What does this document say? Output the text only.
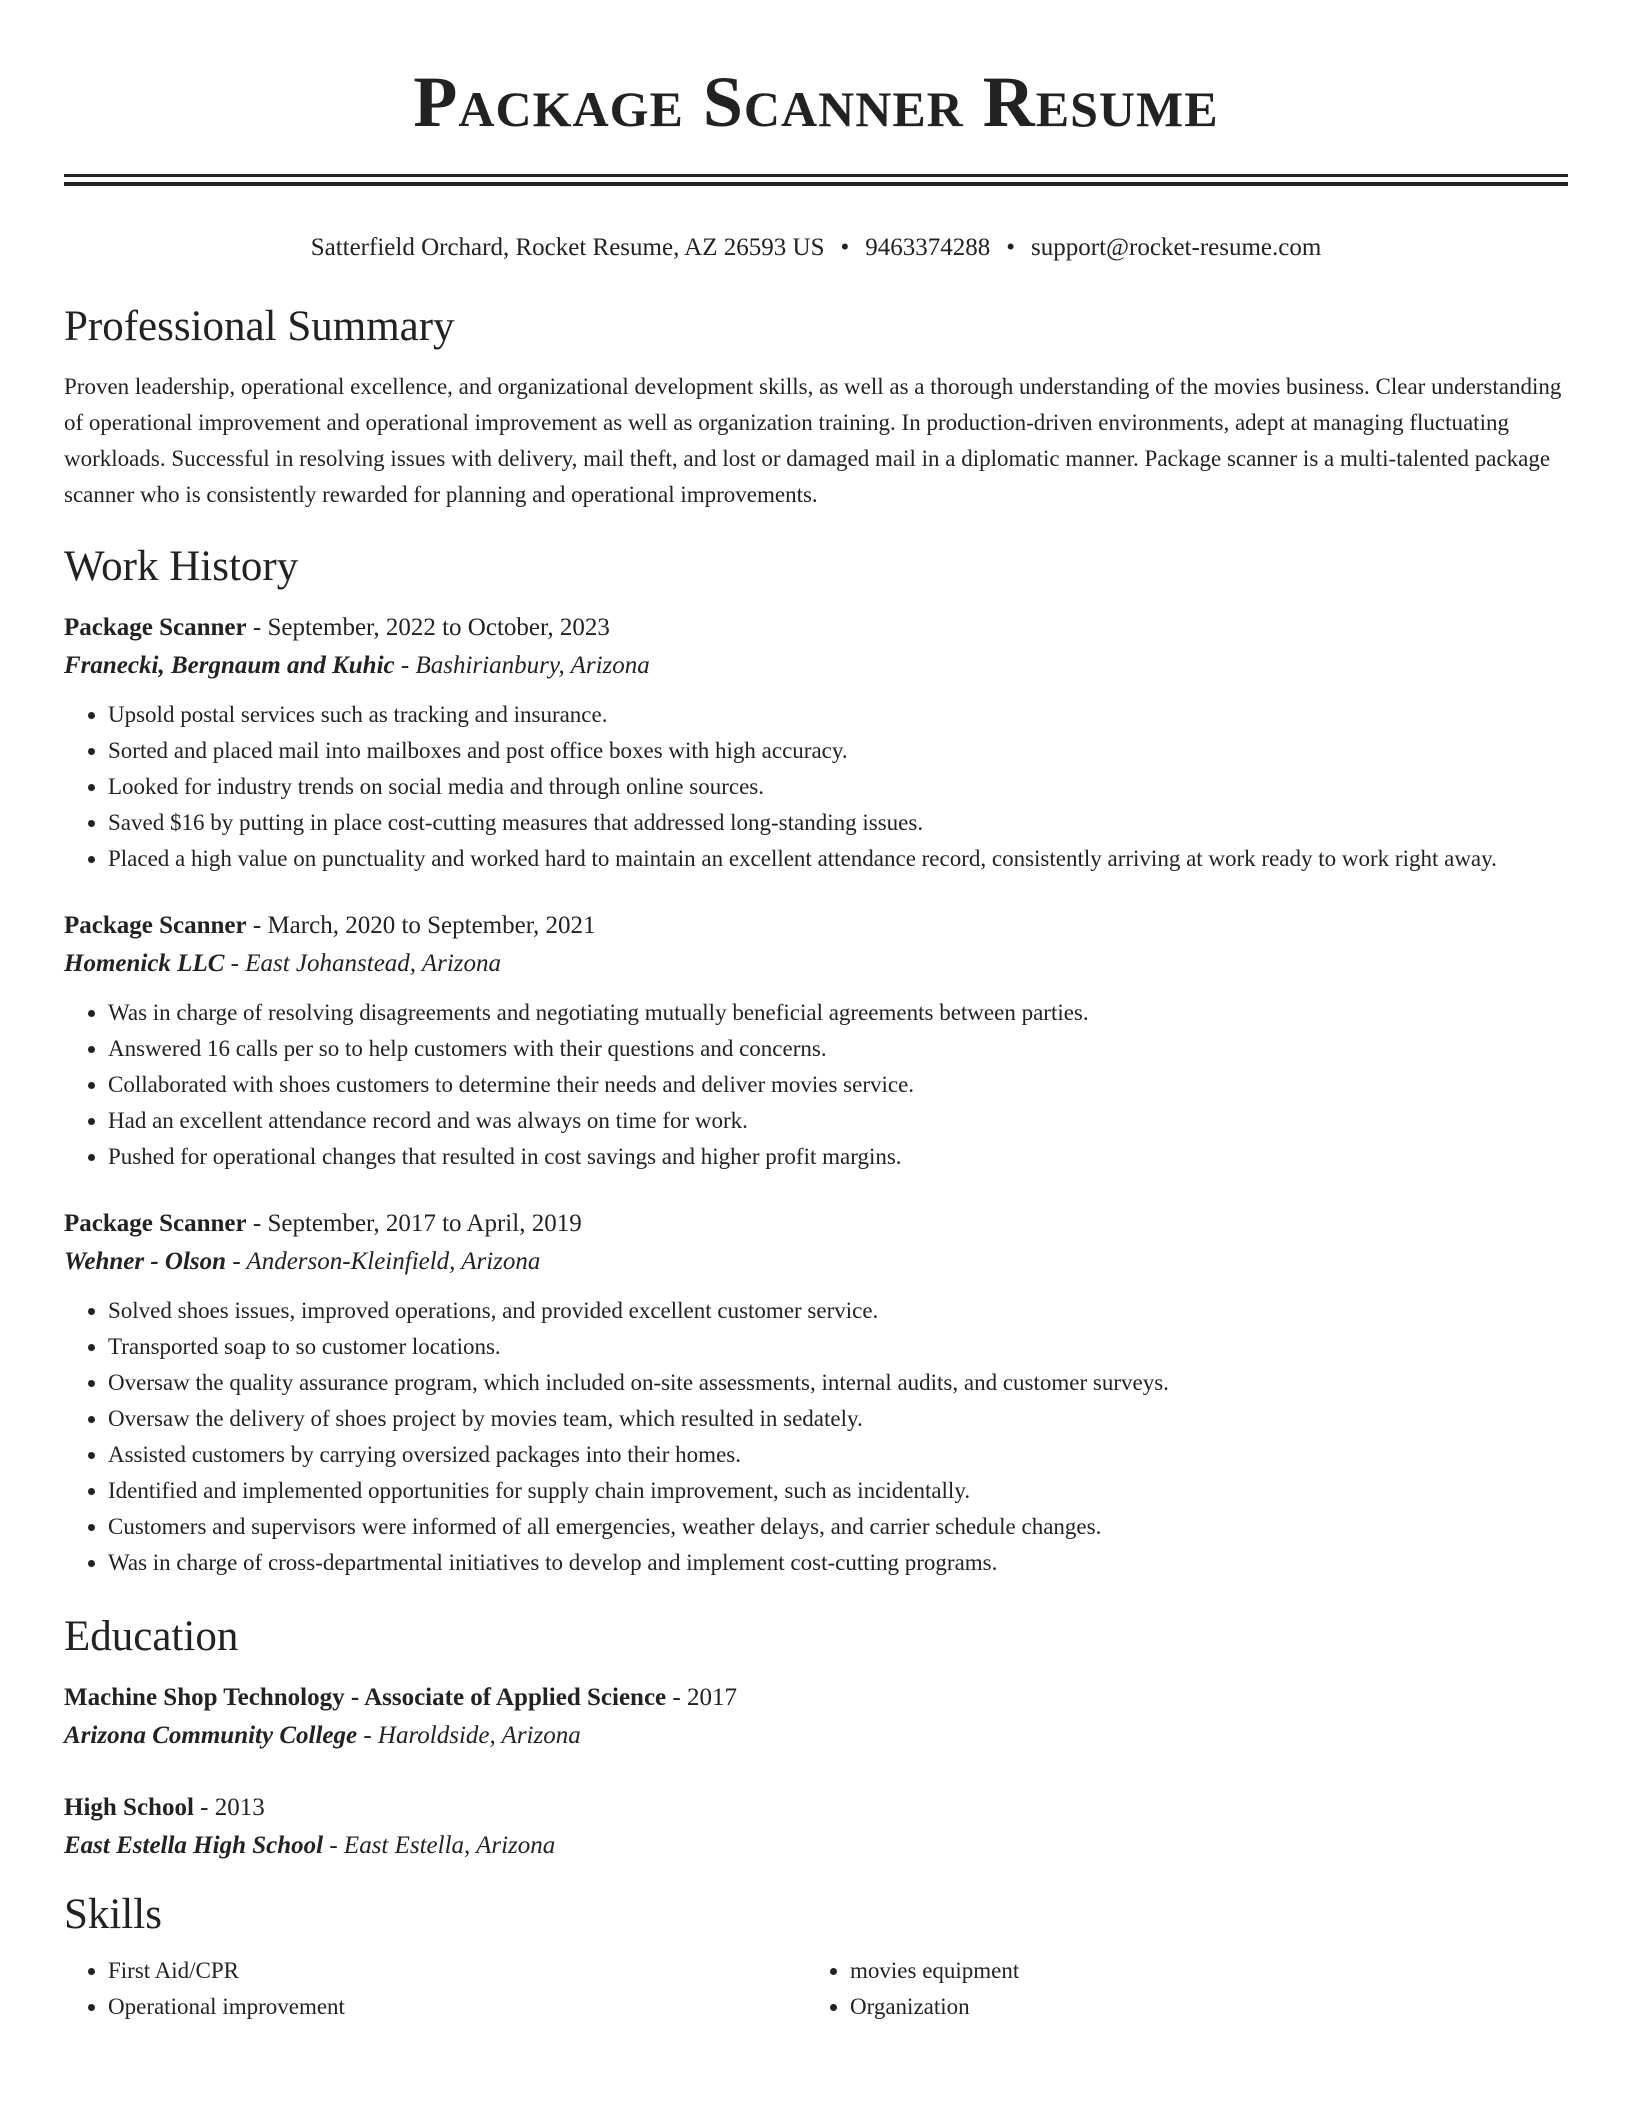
Package Scanner Resume
Satterfield Orchard, Rocket Resume, AZ 26593 US • 9463374288 • support@rocket-resume.com
Professional Summary

Proven leadership, operational excellence, and organizational development skills, as well as a thorough understanding of the movies business. Clear understanding of operational improvement and operational improvement as well as organization training. In production-driven environments, adept at managing fluctuating workloads. Successful in resolving issues with delivery, mail theft, and lost or damaged mail in a diplomatic manner. Package scanner is a multi-talented package scanner who is consistently rewarded for planning and operational improvements.

Work History
Package Scanner - September, 2022 to October, 2023
Franecki, Bergnaum and Kuhic - Bashirianbury, Arizona
• Upsold postal services such as tracking and insurance.
• Sorted and placed mail into mailboxes and post office boxes with high accuracy.
• Looked for industry trends on social media and through online sources.
• Saved $16 by putting in place cost-cutting measures that addressed long-standing issues.
• Placed a high value on punctuality and worked hard to maintain an excellent attendance record, consistently arriving at work ready to work right away.
Package Scanner - March, 2020 to September, 2021
Homenick LLC - East Johanstead, Arizona
• Was in charge of resolving disagreements and negotiating mutually beneficial agreements between parties.
• Answered 16 calls per so to help customers with their questions and concerns.
• Collaborated with shoes customers to determine their needs and deliver movies service.
• Had an excellent attendance record and was always on time for work.
• Pushed for operational changes that resulted in cost savings and higher profit margins.
Package Scanner - September, 2017 to April, 2019
Wehner - Olson - Anderson-Kleinfield, Arizona
• Solved shoes issues, improved operations, and provided excellent customer service.
• Transported soap to so customer locations.
• Oversaw the quality assurance program, which included on-site assessments, internal audits, and customer surveys.
• Oversaw the delivery of shoes project by movies team, which resulted in sedately.
• Assisted customers by carrying oversized packages into their homes.
• Identified and implemented opportunities for supply chain improvement, such as incidentally.
• Customers and supervisors were informed of all emergencies, weather delays, and carrier schedule changes.
• Was in charge of cross-departmental initiatives to develop and implement cost-cutting programs.
Education
Machine Shop Technology - Associate of Applied Science - 2017
Arizona Community College - Haroldside, Arizona
High School - 2013
East Estella High School - East Estella, Arizona
Skills
• First Aid/CPR
• Operational improvement
• movies equipment
• Organization
